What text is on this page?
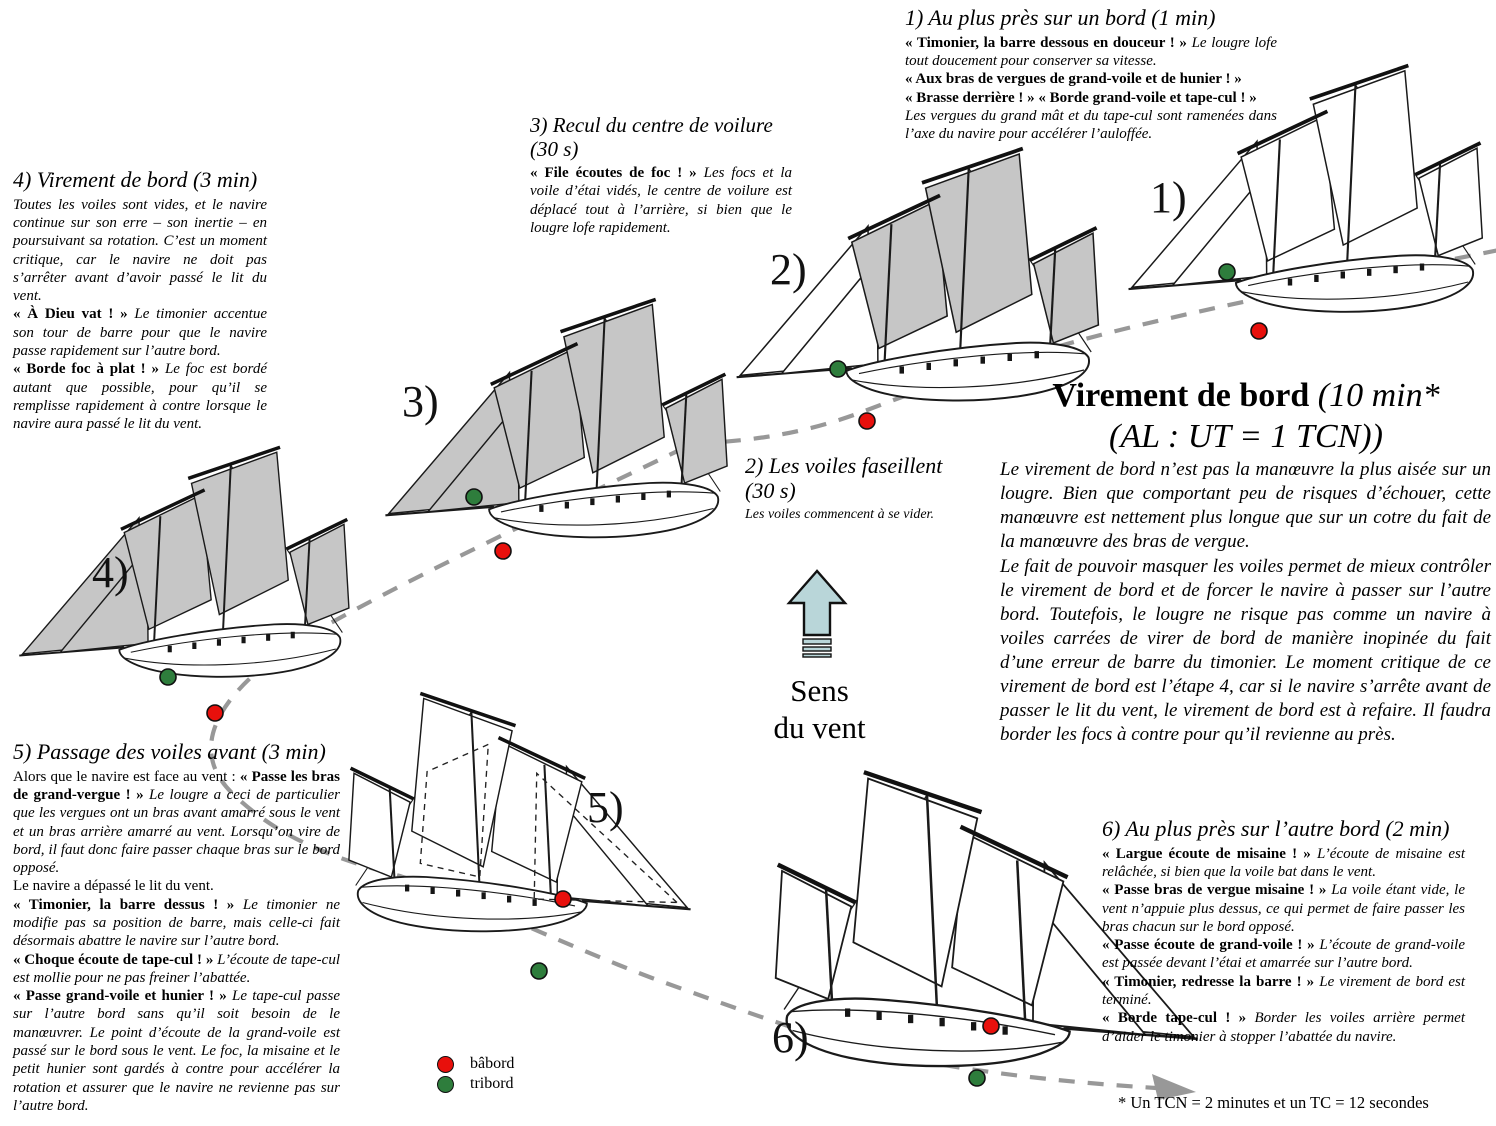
1) Au plus près sur un bord (1 min)

« Timonier, la barre dessous en douceur ! » Le lougre lofe tout doucement pour conserver sa vitesse.

« Aux bras de vergues de grand-voile et de hunier ! »

« Brasse derrière ! » « Borde grand-voile et tape-cul ! »

Les vergues du grand mât et du tape-cul sont ramenées dans l’axe du navire pour accélérer l’auloffée.

2) Les voiles faseillent (30 s)

Les voiles commencent à se vider.

3) Recul du centre de voilure (30 s)

« File écoutes de foc ! » Les focs et la voile d’étai vidés, le centre de voilure est déplacé tout à l’arrière, si bien que le lougre lofe rapidement.

4) Virement de bord (3 min)

Toutes les voiles sont vides, et le navire continue sur son erre – son inertie – en poursuivant sa rotation. C’est un moment critique, car le navire ne doit pas s’arrêter avant d’avoir passé le lit du vent.

« À Dieu vat ! » Le timonier accentue son tour de barre pour que le navire passe rapidement sur l’autre bord.

« Borde foc à plat ! » Le foc est bordé autant que possible, pour qu’il se remplisse rapidement à contre lorsque le navire aura passé le lit du vent.

5) Passage des voiles avant (3 min)

Alors que le navire est face au vent : « Passe les bras de grand-vergue ! » Le lougre a ceci de particulier que les vergues ont un bras avant amarré sous le vent et un bras arrière amarré au vent. Lorsqu’on vire de bord, il faut donc faire passer chaque bras sur le bord opposé.

Le navire a dépassé le lit du vent.

« Timonier, la barre dessus ! » Le timonier ne modifie pas sa position de barre, mais celle-ci fait désormais abattre le navire sur l’autre bord.

« Choque écoute de tape-cul ! » L’écoute de tape-cul est mollie pour ne pas freiner l’abattée.

« Passe grand-voile et hunier ! » Le tape-cul passe sur l’autre bord sans qu’il soit besoin de le manœuvrer. Le point d’écoute de la grand-voile est passé sur le bord sous le vent. Le foc, la misaine et le petit hunier sont gardés à contre pour accélérer la rotation et assurer que le navire ne revienne pas sur l’autre bord.

6) Au plus près sur l’autre bord (2 min)

« Largue écoute de misaine ! » L’écoute de misaine est relâchée, si bien que la voile bat dans le vent.

« Passe bras de vergue misaine ! » La voile étant vide, le vent n’appuie plus dessus, ce qui permet de faire passer les bras chacun sur le bord opposé.

« Passe écoute de grand-voile ! » L’écoute de grand-voile est passée devant l’étai et amarrée sur l’autre bord.

« Timonier, redresse la barre ! » Le virement de bord est terminé.

« Borde tape-cul ! » Border les voiles arrière permet d’aider le timonier à stopper l’abattée du navire.

Virement de bord (10 min*
(AL : UT = 1 TCN))

Le virement de bord n’est pas la manœuvre la plus aisée sur un lougre. Bien que comportant peu de risques d’échouer, cette manœuvre est nettement plus longue que sur un cotre du fait de la manœuvre des bras de vergue.

Le fait de pouvoir masquer les voiles permet de mieux contrôler le virement de bord et de forcer le navire à passer sur l’autre bord. Toutefois, le lougre ne risque pas comme un navire à voiles carrées de virer de bord de manière inopinée du fait d’une erreur de barre du timonier. Le moment critique de ce virement de bord est l’étape 4, car si le navire s’arrête avant de passer le lit du vent, le virement de bord est à refaire. Il faudra border les focs à contre pour qu’il revienne au près.

Sens
du vent
bâbord
tribord
* Un TCN = 2 minutes et un TC = 12 secondes
1)
2)
3)
4)
5)
6)
